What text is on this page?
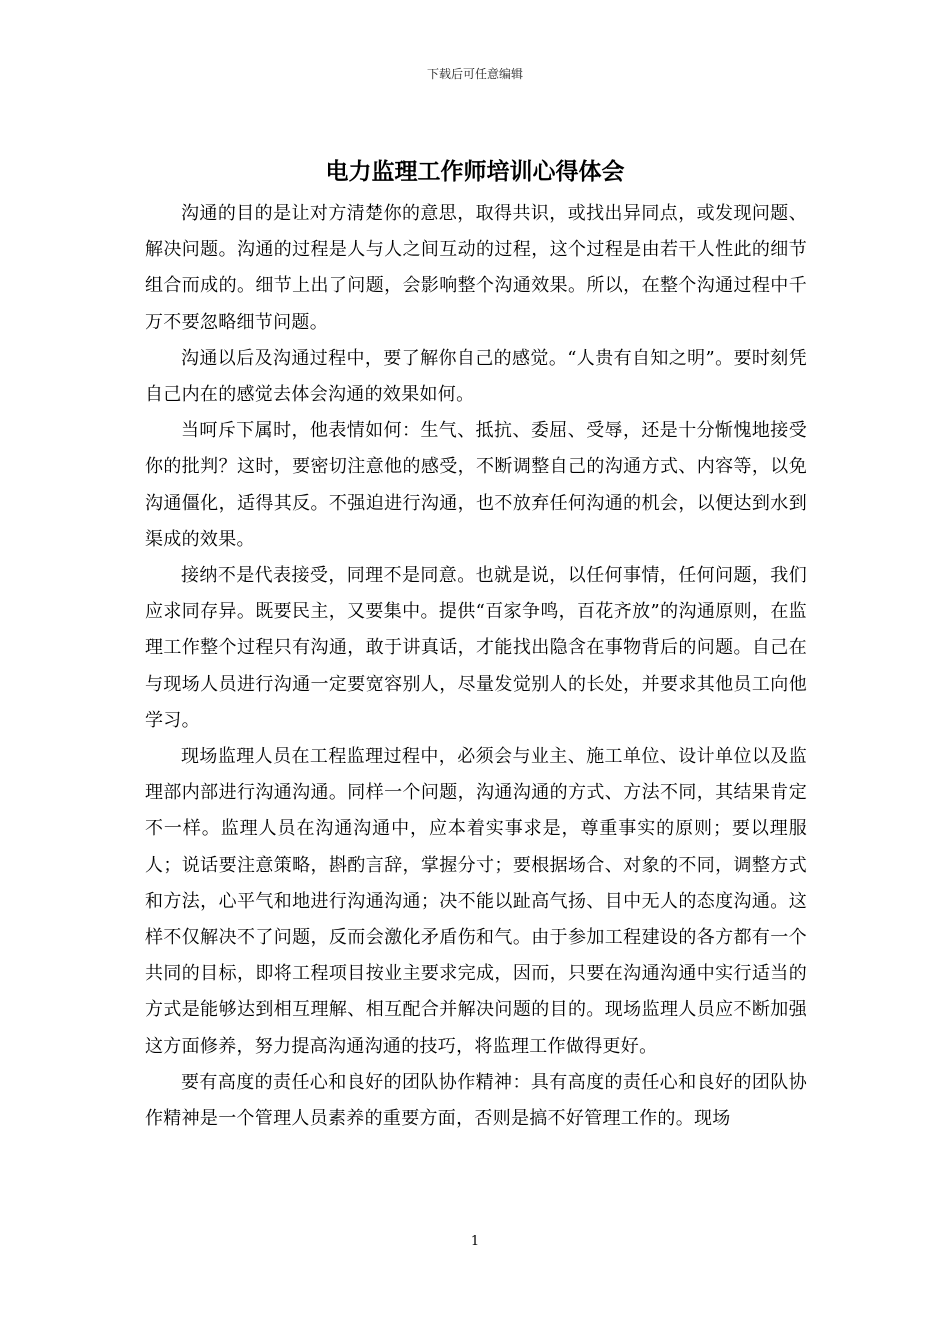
下载后可任意编辑
电力监理工作师培训心得体会

沟通的目的是让对方清楚你的意思，取得共识，或找出异同点，或发现问题、解决问题。沟通的过程是人与人之间互动的过程，这个过程是由若干人性此的细节组合而成的。细节上出了问题，会影响整个沟通效果。所以，在整个沟通过程中千万不要忽略细节问题。

沟通以后及沟通过程中，要了解你自己的感觉。“人贵有自知之明”。要时刻凭自己内在的感觉去体会沟通的效果如何。

当呵斥下属时，他表情如何：生气、抵抗、委屈、受辱，还是十分惭愧地接受你的批判？这时，要密切注意他的感受，不断调整自己的沟通方式、内容等，以免沟通僵化，适得其反。不强迫进行沟通，也不放弃任何沟通的机会，以便达到水到渠成的效果。

接纳不是代表接受，同理不是同意。也就是说，以任何事情，任何问题，我们应求同存异。既要民主，又要集中。提供“百家争鸣，百花齐放”的沟通原则，在监理工作整个过程只有沟通，敢于讲真话，才能找出隐含在事物背后的问题。自己在与现场人员进行沟通一定要宽容别人，尽量发觉别人的长处，并要求其他员工向他学习。

现场监理人员在工程监理过程中，必须会与业主、施工单位、设计单位以及监理部内部进行沟通沟通。同样一个问题，沟通沟通的方式、方法不同，其结果肯定不一样。监理人员在沟通沟通中，应本着实事求是，尊重事实的原则；要以理服人；说话要注意策略，斟酌言辞，掌握分寸；要根据场合、对象的不同，调整方式和方法，心平气和地进行沟通沟通；决不能以趾高气扬、目中无人的态度沟通。这样不仅解决不了问题，反而会激化矛盾伤和气。由于参加工程建设的各方都有一个共同的目标，即将工程项目按业主要求完成，因而，只要在沟通沟通中实行适当的方式是能够达到相互理解、相互配合并解决问题的目的。现场监理人员应不断加强这方面修养，努力提高沟通沟通的技巧，将监理工作做得更好。

要有高度的责任心和良好的团队协作精神：具有高度的责任心和良好的团队协作精神是一个管理人员素养的重要方面，否则是搞不好管理工作的。现场

1
